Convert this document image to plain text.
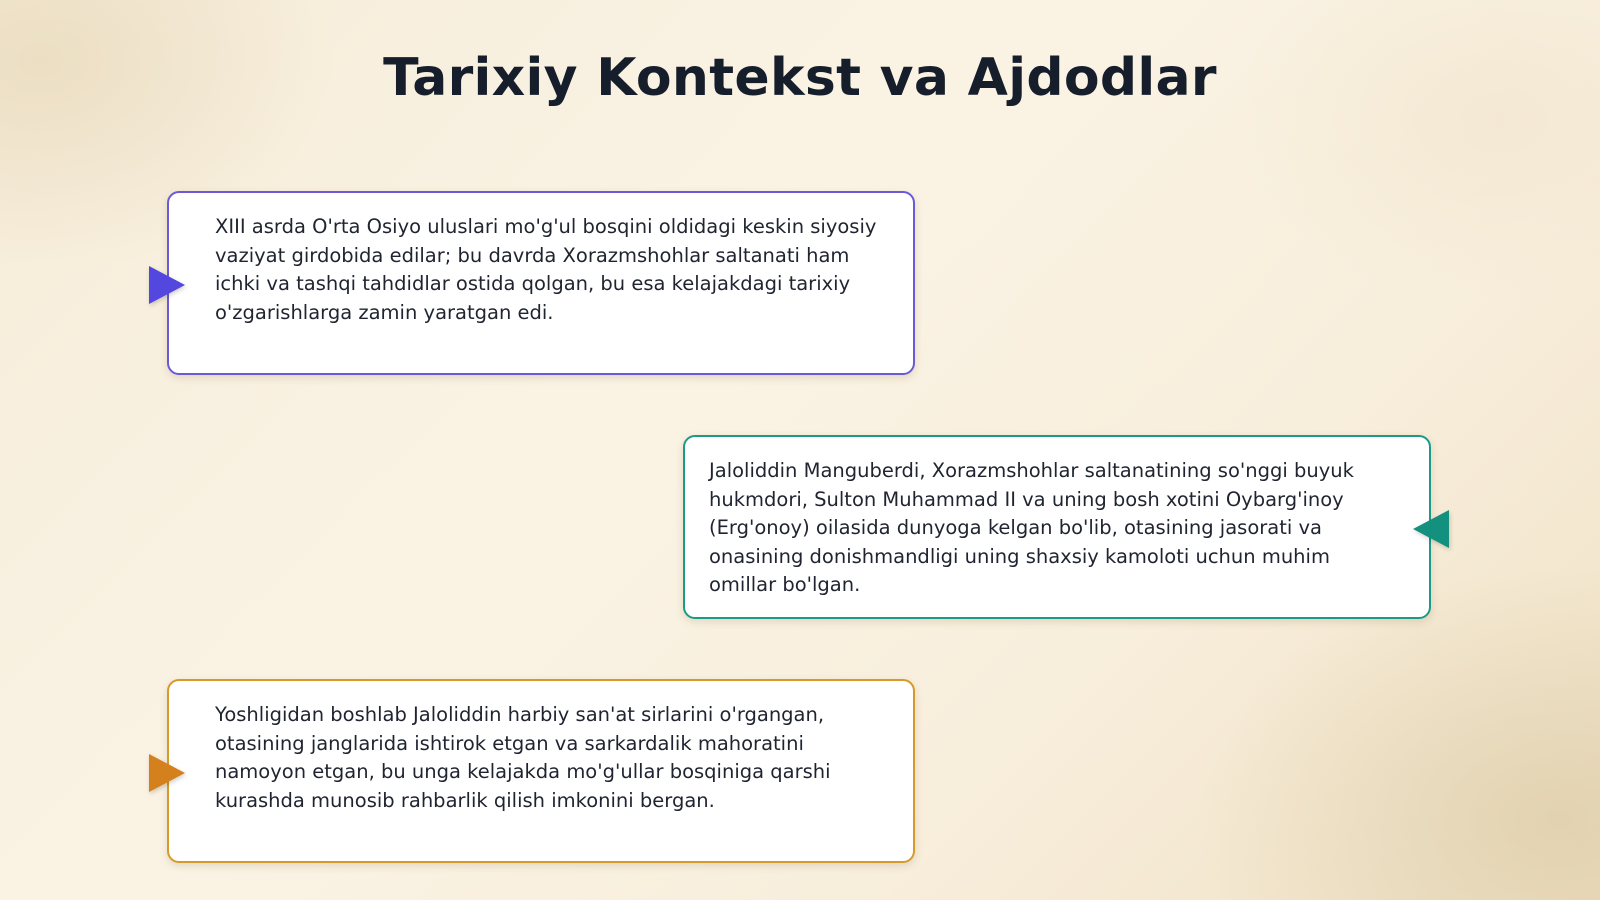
Tarixiy Kontekst va Ajdodlar

XIII asrda O'rta Osiyo uluslari mo'g'ul bosqini oldidagi keskin siyosiy vaziyat girdobida edilar; bu davrda Xorazmshohlar saltanati ham ichki va tashqi tahdidlar ostida qolgan, bu esa kelajakdagi tarixiy o'zgarishlarga zamin yaratgan edi.

Jaloliddin Manguberdi, Xorazmshohlar saltanatining so'nggi buyuk hukmdori, Sulton Muhammad II va uning bosh xotini Oybarg'inoy (Erg'onoy) oilasida dunyoga kelgan bo'lib, otasining jasorati va onasining donishmandligi uning shaxsiy kamoloti uchun muhim omillar bo'lgan.

Yoshligidan boshlab Jaloliddin harbiy san'at sirlarini o'rgangan, otasining janglarida ishtirok etgan va sarkardalik mahoratini namoyon etgan, bu unga kelajakda mo'g'ullar bosqiniga qarshi kurashda munosib rahbarlik qilish imkonini bergan.
